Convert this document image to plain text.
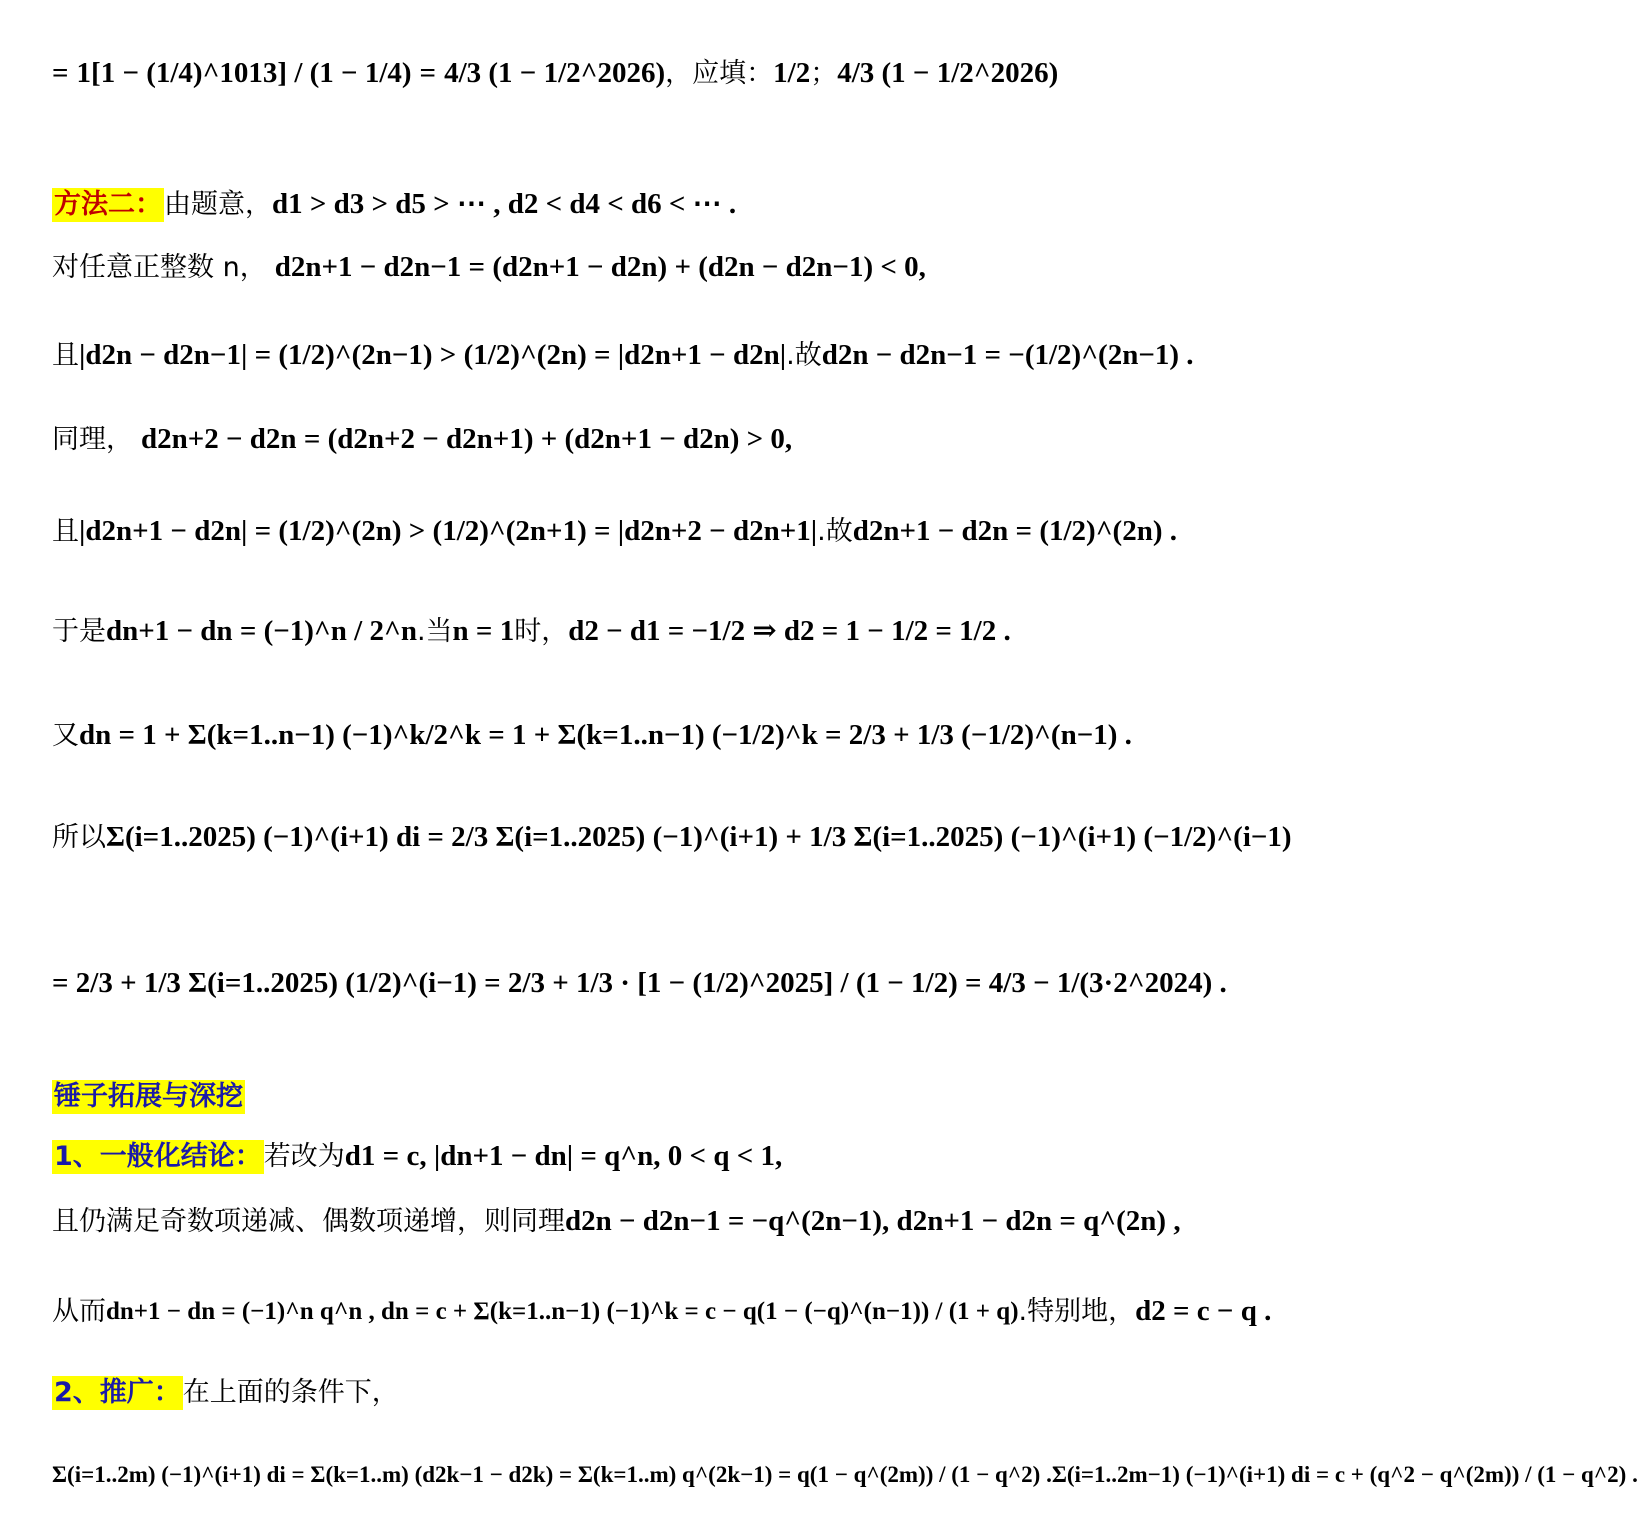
= 1[1 − (1/4)^1013] / (1 − 1/4) = 4/3 (1 − 1/2^2026) ，应填： 1/2 ； 4/3 (1 − 1/2^2026)
方法二： 由题意， d1 > d3 > d5 > ⋯ , d2 < d4 < d6 < ⋯ .
对任意正整数 n， d2n+1 − d2n−1 = (d2n+1 − d2n) + (d2n − d2n−1) < 0,
且 |d2n − d2n−1| = (1/2)^(2n−1) > (1/2)^(2n) = |d2n+1 − d2n| .故 d2n − d2n−1 = −(1/2)^(2n−1) .
同理， d2n+2 − d2n = (d2n+2 − d2n+1) + (d2n+1 − d2n) > 0,
且 |d2n+1 − d2n| = (1/2)^(2n) > (1/2)^(2n+1) = |d2n+2 − d2n+1| .故 d2n+1 − d2n = (1/2)^(2n) .
于是 dn+1 − dn = (−1)^n / 2^n .当 n = 1 时， d2 − d1 = −1/2 ⇒ d2 = 1 − 1/2 = 1/2 .
又 dn = 1 + Σ(k=1..n−1) (−1)^k/2^k = 1 + Σ(k=1..n−1) (−1/2)^k = 2/3 + 1/3 (−1/2)^(n−1) .
所以 Σ(i=1..2025) (−1)^(i+1) di = 2/3 Σ(i=1..2025) (−1)^(i+1) + 1/3 Σ(i=1..2025) (−1)^(i+1) (−1/2)^(i−1)
= 2/3 + 1/3 Σ(i=1..2025) (1/2)^(i−1) = 2/3 + 1/3 · [1 − (1/2)^2025] / (1 − 1/2) = 4/3 − 1/(3·2^2024) .
锤子拓展与深挖
1、一般化结论： 若改为 d1 = c, |dn+1 − dn| = q^n, 0 < q < 1,
且仍满足奇数项递减、偶数项递增，则同理 d2n − d2n−1 = −q^(2n−1), d2n+1 − d2n = q^(2n) ,
从而 dn+1 − dn = (−1)^n q^n , dn = c + Σ(k=1..n−1) (−1)^k = c − q(1 − (−q)^(n−1)) / (1 + q) .特别地， d2 = c − q .
2、推广： 在上面的条件下，
Σ(i=1..2m) (−1)^(i+1) di = Σ(k=1..m) (d2k−1 − d2k) = Σ(k=1..m) q^(2k−1) = q(1 − q^(2m)) / (1 − q^2) . Σ(i=1..2m−1) (−1)^(i+1) di = c + (q^2 − q^(2m)) / (1 − q^2) .
